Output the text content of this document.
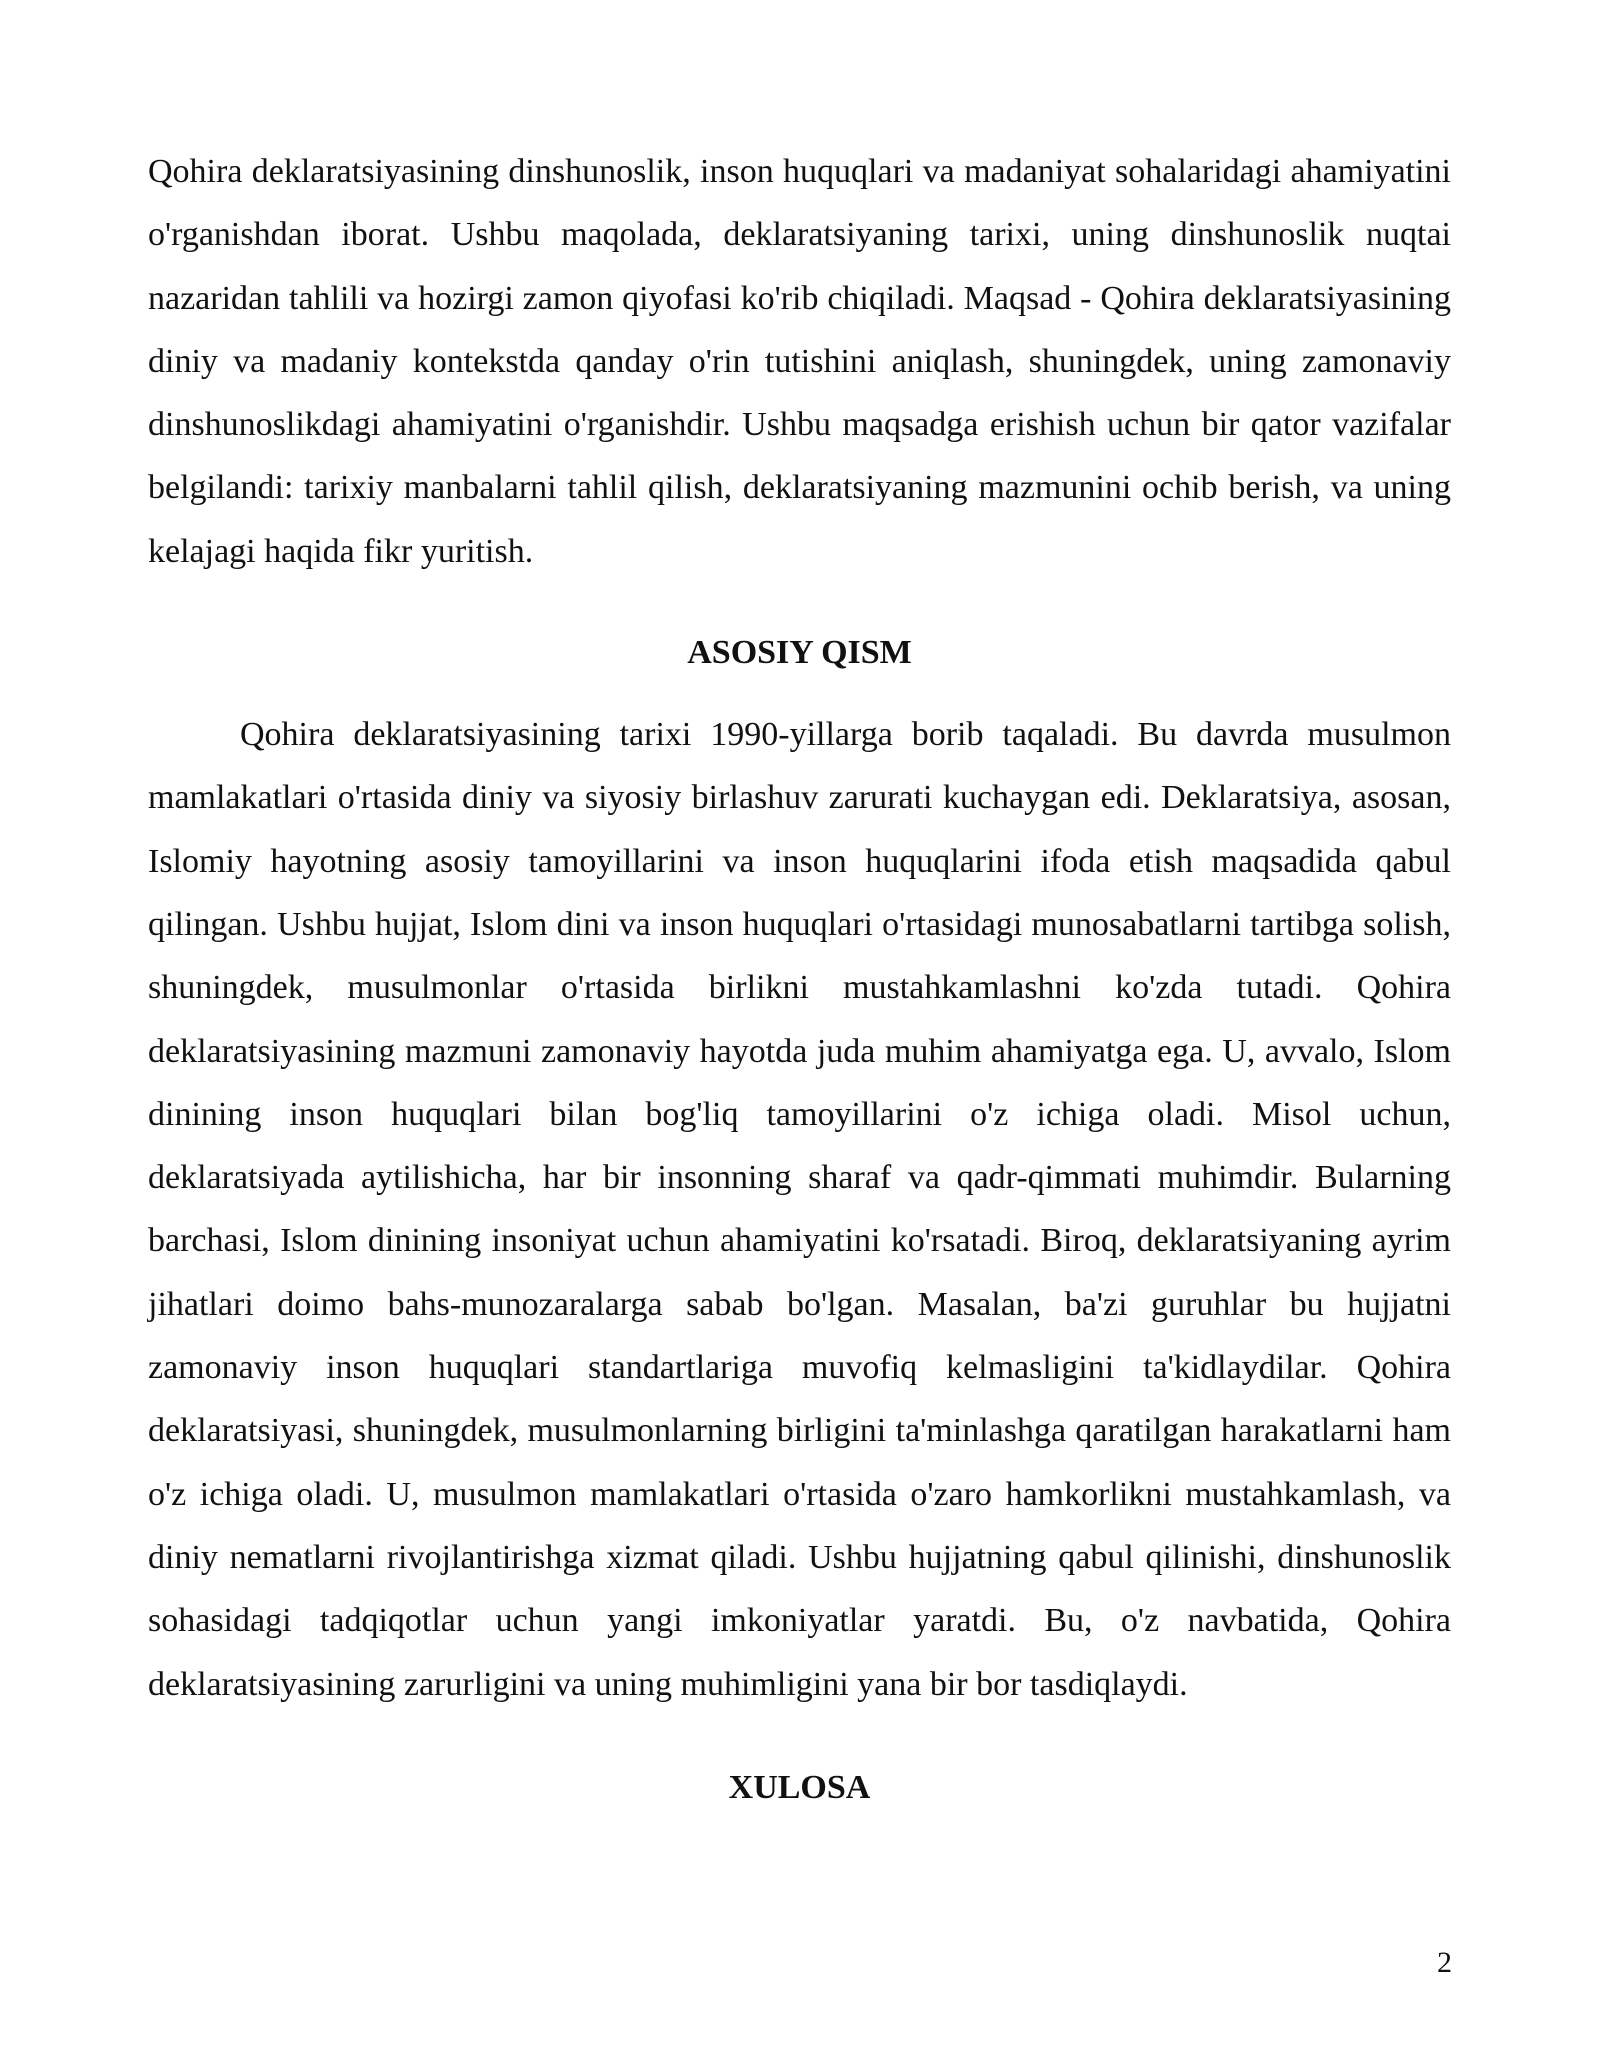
Qohira deklaratsiyasining dinshunoslik, inson huquqlari va madaniyat sohalaridagi ahamiyatini o'rganishdan iborat. Ushbu maqolada, deklaratsiyaning tarixi, uning dinshunoslik nuqtai nazaridan tahlili va hozirgi zamon qiyofasi ko'rib chiqiladi. Maqsad - Qohira deklaratsiyasining diniy va madaniy kontekstda qanday o'rin tutishini aniqlash, shuningdek, uning zamonaviy dinshunoslikdagi ahamiyatini o'rganishdir. Ushbu maqsadga erishish uchun bir qator vazifalar belgilandi: tarixiy manbalarni tahlil qilish, deklaratsiyaning mazmunini ochib berish, va uning kelajagi haqida fikr yuritish.

ASOSIY QISM

Qohira deklaratsiyasining tarixi 1990-yillarga borib taqaladi. Bu davrda musulmon mamlakatlari o'rtasida diniy va siyosiy birlashuv zarurati kuchaygan edi. Deklaratsiya, asosan, Islomiy hayotning asosiy tamoyillarini va inson huquqlarini ifoda etish maqsadida qabul qilingan. Ushbu hujjat, Islom dini va inson huquqlari o'rtasidagi munosabatlarni tartibga solish, shuningdek, musulmonlar o'rtasida birlikni mustahkamlashni ko'zda tutadi. Qohira deklaratsiyasining mazmuni zamonaviy hayotda juda muhim ahamiyatga ega. U, avvalo, Islom dinining inson huquqlari bilan bog'liq tamoyillarini o'z ichiga oladi. Misol uchun, deklaratsiyada aytilishicha, har bir insonning sharaf va qadr-qimmati muhimdir. Bularning barchasi, Islom dinining insoniyat uchun ahamiyatini ko'rsatadi. Biroq, deklaratsiyaning ayrim jihatlari doimo bahs-munozaralarga sabab bo'lgan. Masalan, ba'zi guruhlar bu hujjatni zamonaviy inson huquqlari standartlariga muvofiq kelmasligini ta'kidlaydilar. Qohira deklaratsiyasi, shuningdek, musulmonlarning birligini ta'minlashga qaratilgan harakatlarni ham o'z ichiga oladi. U, musulmon mamlakatlari o'rtasida o'zaro hamkorlikni mustahkamlash, va diniy nematlarni rivojlantirishga xizmat qiladi. Ushbu hujjatning qabul qilinishi, dinshunoslik sohasidagi tadqiqotlar uchun yangi imkoniyatlar yaratdi. Bu, o'z navbatida, Qohira deklaratsiyasining zarurligini va uning muhimligini yana bir bor tasdiqlaydi.

XULOSA
2
